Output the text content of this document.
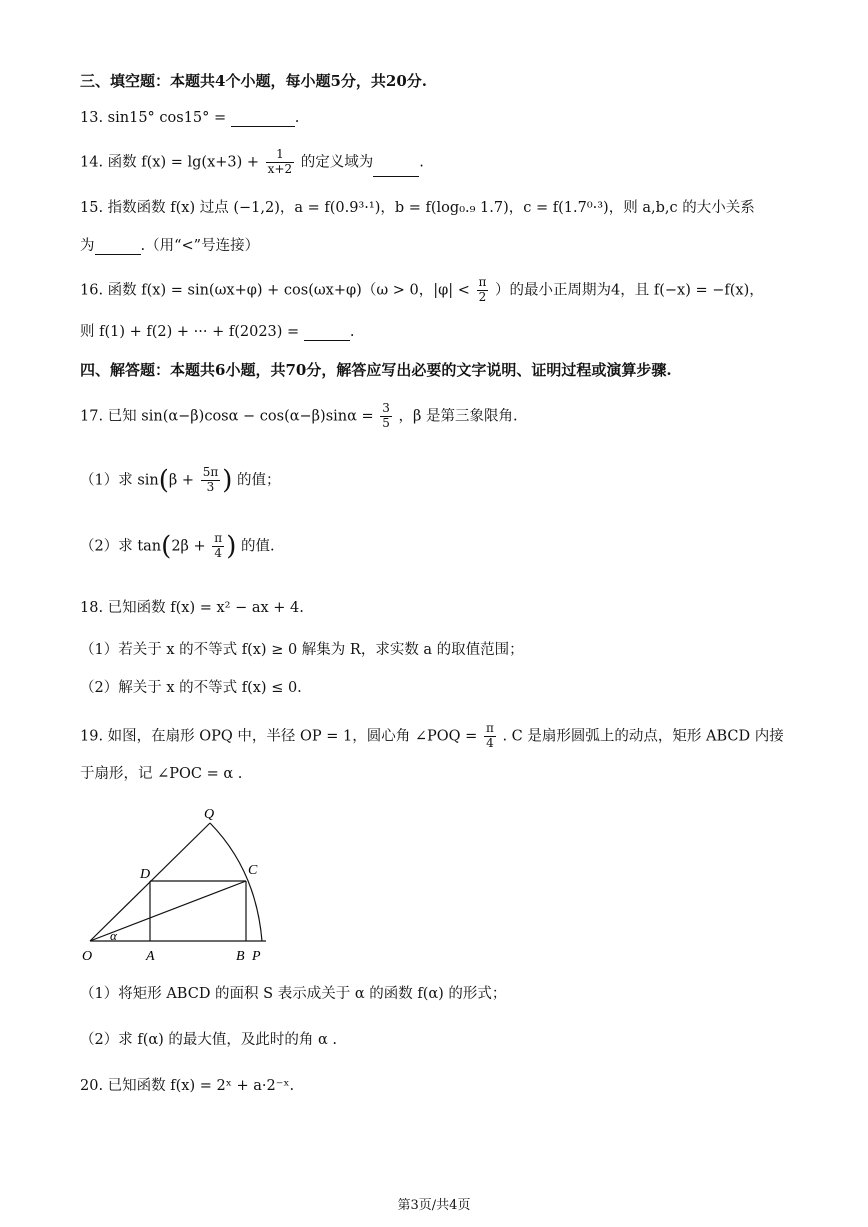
三、填空题：本题共4个小题，每小题5分，共20分.
13. sin15° cos15° =	.
14. 函数 $f(x) = \lg(x+3) + \frac{1}{x+2}$ 的定义域为	.
15. 指数函数 f(x) 过点 (−1,2)，a = f(0.9³·¹)，b = f(log₀.₉ 1.7)，c = f(1.7⁰·³)，则 a,b,c 的大小关系
为	.（用“<”号连接）
16. 函数 f(x) = sin(ωx+φ) + cos(ωx+φ)（ω > 0，$|\varphi| < \frac{\pi}{2}$ ）的最小正周期为4，且 f(−x) = −f(x)，
则 f(1) + f(2) + ··· + f(2023) =	.
四、解答题：本题共6小题，共70分，解答应写出必要的文字说明、证明过程或演算步骤.
17. 已知 $\sin(\alpha-\beta)\cos\alpha - \cos(\alpha-\beta)\sin\alpha = \frac{3}{5}$ ，β 是第三象限角.
（1）求 $\sin(\beta + \frac{5\pi}{3}$ ) 的值；
（2）求 $\tan(2\beta + \frac{\pi}{4}$ ) 的值.
18. 已知函数 f(x) = x² − ax + 4.
（1）若关于 x 的不等式 f(x) ≥ 0 解集为 R，求实数 a 的取值范围；
（2）解关于 x 的不等式 f(x) ≤ 0.
19. 如图，在扇形 OPQ 中，半径 OP = 1，圆心角 ∠POQ = $\frac{\pi}{4}$ . C 是扇形圆弧上的动点，矩形 ABCD 内接
于扇形，记 ∠POC = α .
O	A	B P
C
D
Q
α
（1）将矩形 ABCD 的面积 S 表示成关于 α 的函数 f(α) 的形式；
（2）求 f(α) 的最大值，及此时的角 α .
20. 已知函数 f(x) = 2ˣ + a·2⁻ˣ.
第3页/共4页
